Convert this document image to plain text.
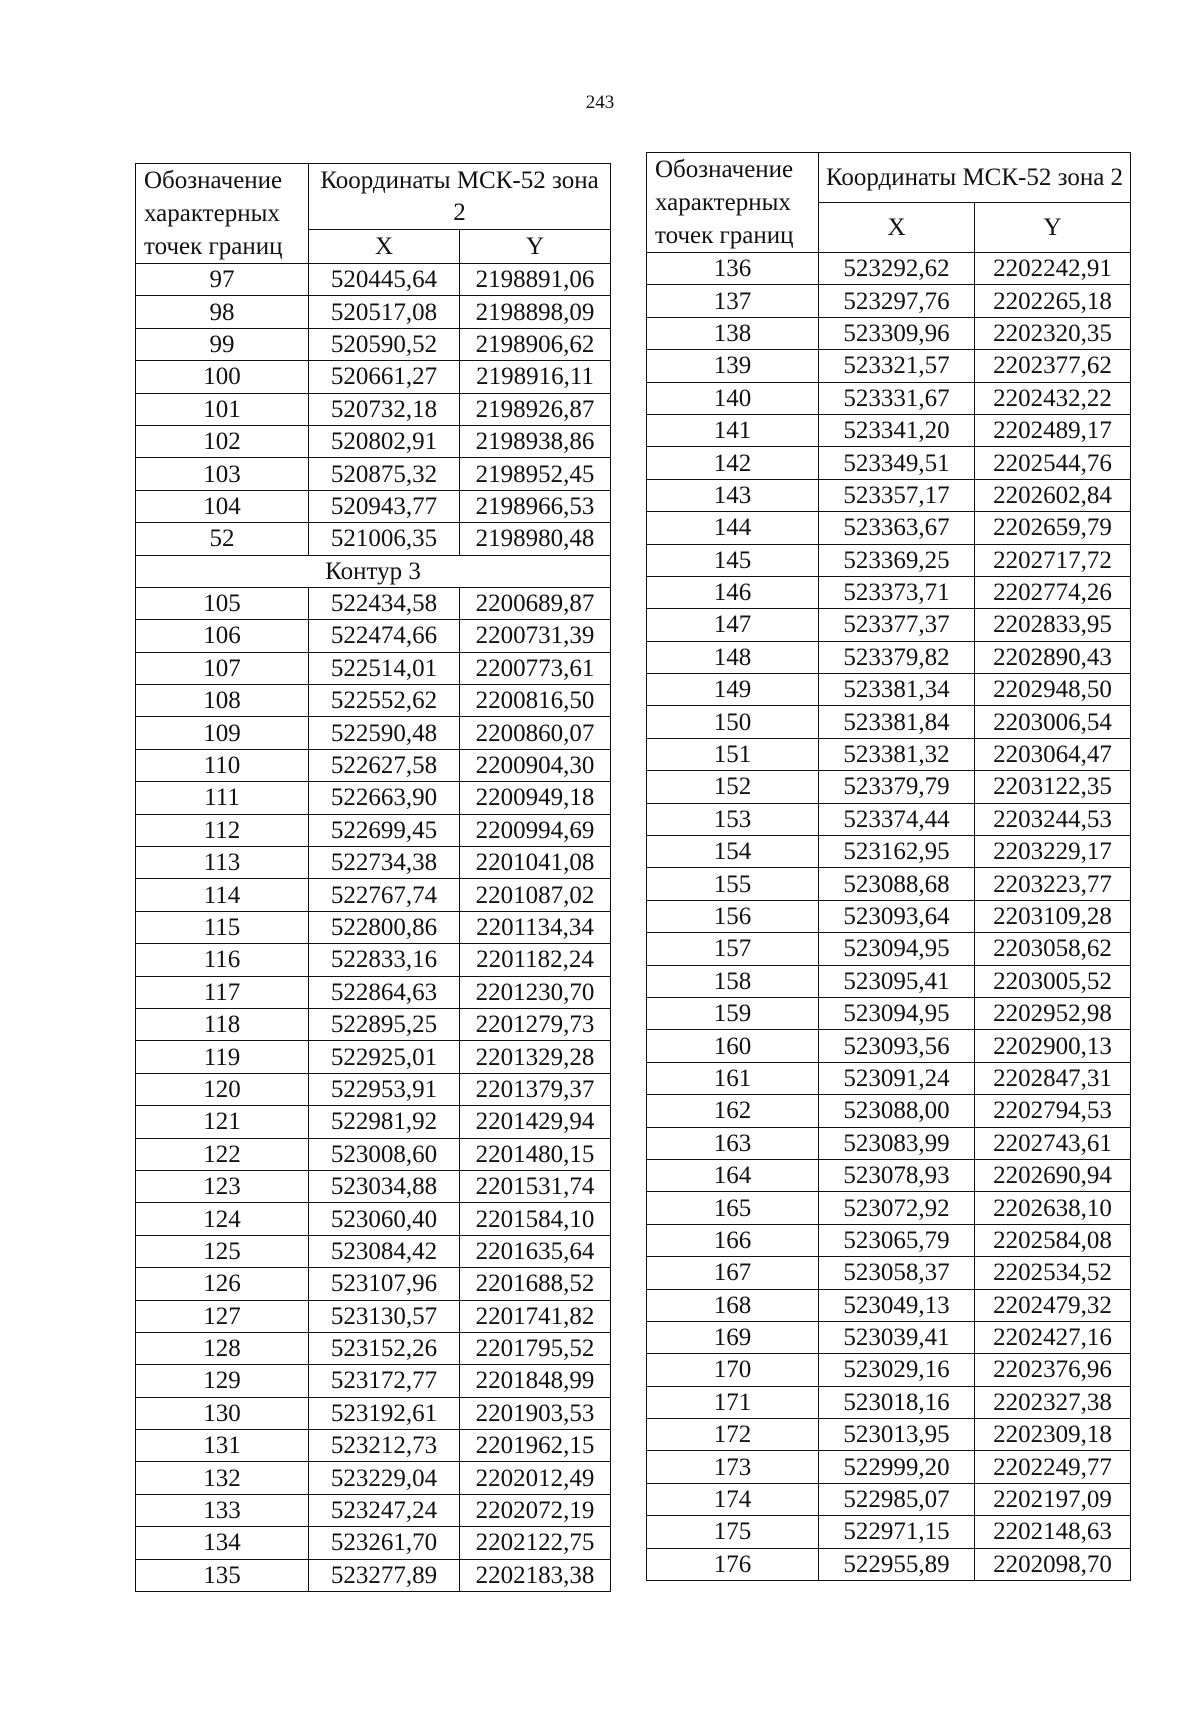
243
Обозначение характерных точек границ	Координаты МСК-52 зона 2	
	X	Y
97	520445,64	2198891,06
98	520517,08	2198898,09
99	520590,52	2198906,62
100	520661,27	2198916,11
101	520732,18	2198926,87
102	520802,91	2198938,86
103	520875,32	2198952,45
104	520943,77	2198966,53
52	521006,35	2198980,48
Контур 3		
105	522434,58	2200689,87
106	522474,66	2200731,39
107	522514,01	2200773,61
108	522552,62	2200816,50
109	522590,48	2200860,07
110	522627,58	2200904,30
111	522663,90	2200949,18
112	522699,45	2200994,69
113	522734,38	2201041,08
114	522767,74	2201087,02
115	522800,86	2201134,34
116	522833,16	2201182,24
117	522864,63	2201230,70
118	522895,25	2201279,73
119	522925,01	2201329,28
120	522953,91	2201379,37
121	522981,92	2201429,94
122	523008,60	2201480,15
123	523034,88	2201531,74
124	523060,40	2201584,10
125	523084,42	2201635,64
126	523107,96	2201688,52
127	523130,57	2201741,82
128	523152,26	2201795,52
129	523172,77	2201848,99
130	523192,61	2201903,53
131	523212,73	2201962,15
132	523229,04	2202012,49
133	523247,24	2202072,19
134	523261,70	2202122,75
135	523277,89	2202183,38
Обозначение характерных точек границ	Координаты МСК-52 зона 2	
	X	Y
136	523292,62	2202242,91
137	523297,76	2202265,18
138	523309,96	2202320,35
139	523321,57	2202377,62
140	523331,67	2202432,22
141	523341,20	2202489,17
142	523349,51	2202544,76
143	523357,17	2202602,84
144	523363,67	2202659,79
145	523369,25	2202717,72
146	523373,71	2202774,26
147	523377,37	2202833,95
148	523379,82	2202890,43
149	523381,34	2202948,50
150	523381,84	2203006,54
151	523381,32	2203064,47
152	523379,79	2203122,35
153	523374,44	2203244,53
154	523162,95	2203229,17
155	523088,68	2203223,77
156	523093,64	2203109,28
157	523094,95	2203058,62
158	523095,41	2203005,52
159	523094,95	2202952,98
160	523093,56	2202900,13
161	523091,24	2202847,31
162	523088,00	2202794,53
163	523083,99	2202743,61
164	523078,93	2202690,94
165	523072,92	2202638,10
166	523065,79	2202584,08
167	523058,37	2202534,52
168	523049,13	2202479,32
169	523039,41	2202427,16
170	523029,16	2202376,96
171	523018,16	2202327,38
172	523013,95	2202309,18
173	522999,20	2202249,77
174	522985,07	2202197,09
175	522971,15	2202148,63
176	522955,89	2202098,70
